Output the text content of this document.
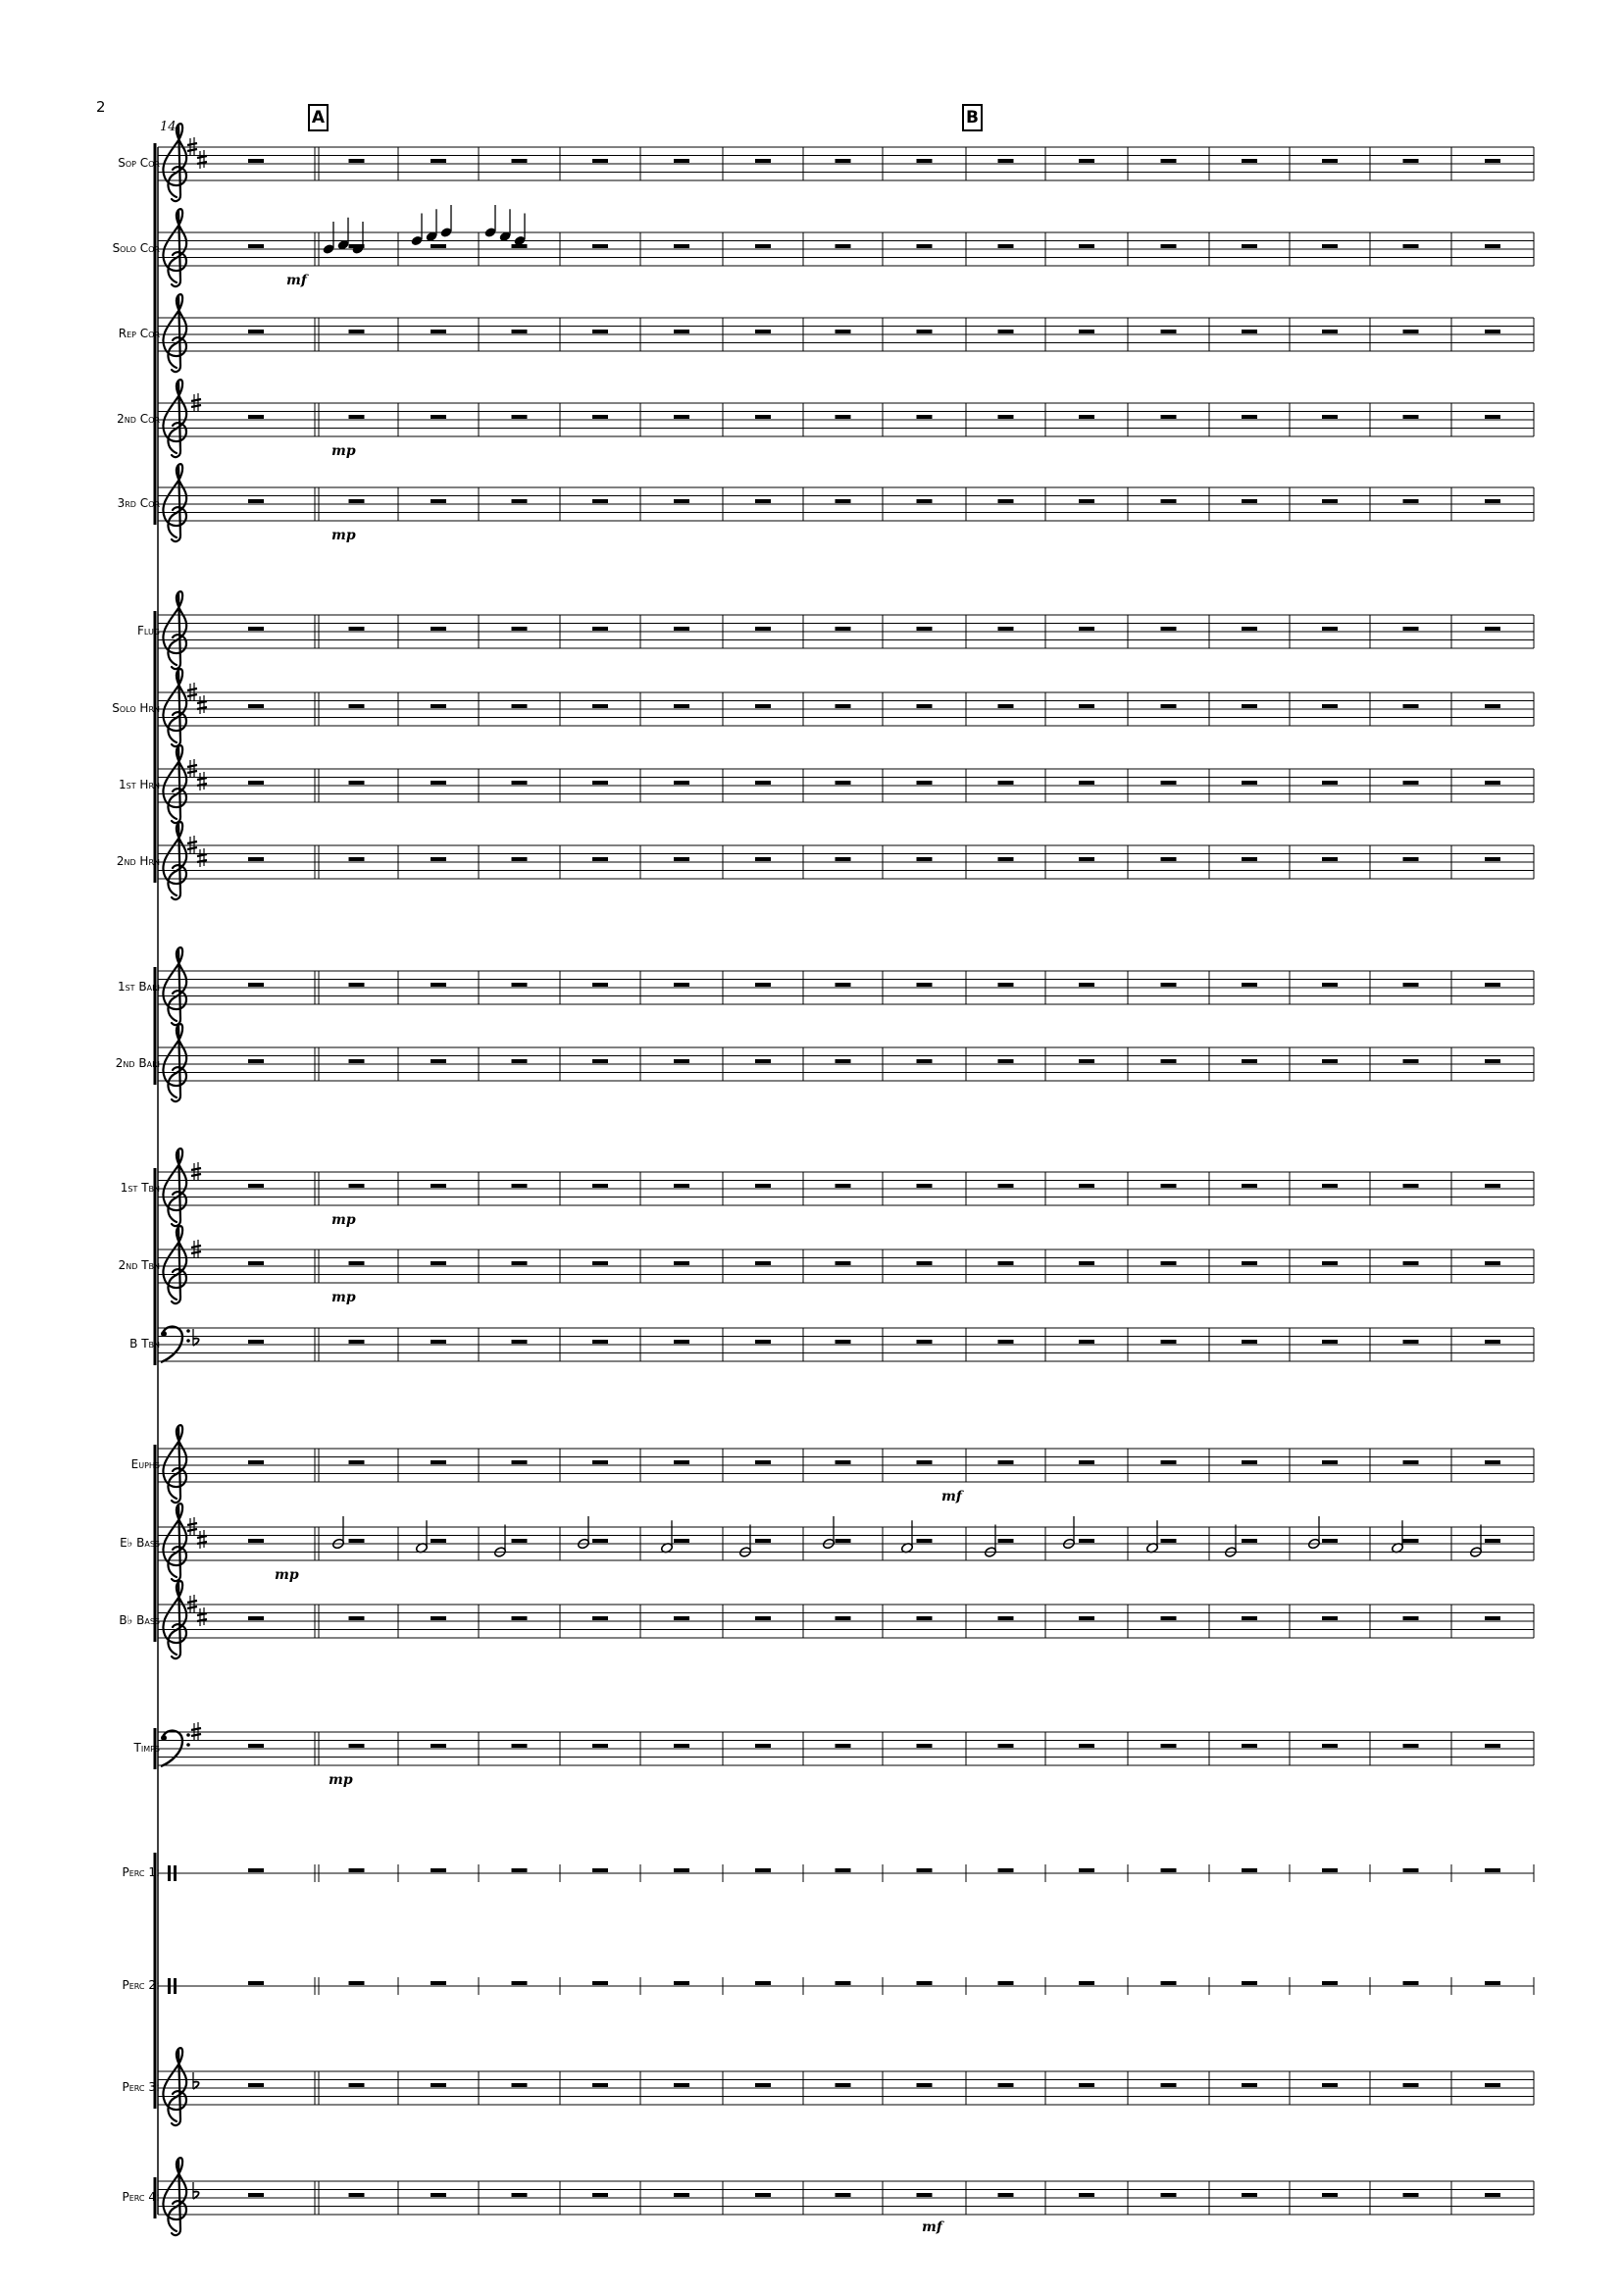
mf
mf
mf
mp
mp
mp
mp
mp
mp
2
14	A	B
Sop Cor
Solo Cor
Rep Cor
2nd Cor
3rd Cor
Flug
Solo Hrn
1st Hrn
2nd Hrn
1st Bari
2nd Bari
1st Tbn
2nd Tbn
B Tbn
Euphs
E♭ Bass
B♭ Bass
Timps
Perc 1:
Perc 2:
Perc 3:
Perc 4:
